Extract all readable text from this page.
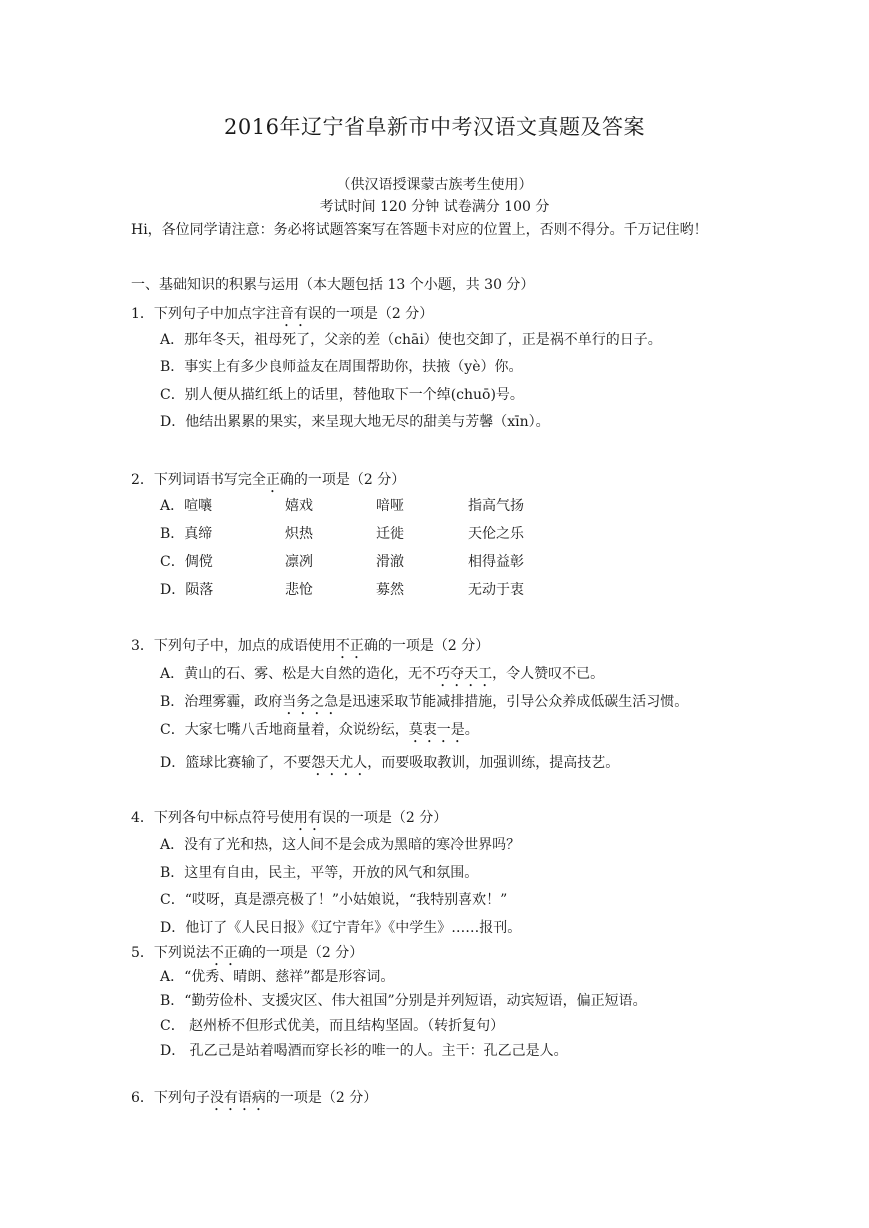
2016年辽宁省阜新市中考汉语文真题及答案
（供汉语授课蒙古族考生使用）
考试时间 120 分钟 试卷满分 100 分
Hi，各位同学请注意：务必将试题答案写在答题卡对应的位置上，否则不得分。千万记住哟！
一、基础知识的积累与运用（本大题包括 13 个小题，共 30 分）
1．下列句子中加点字注音有误的一项是（2 分）
A．那年冬天，祖母死了，父亲的差（chāi）使也交卸了，正是祸不单行的日子。
B．事实上有多少良师益友在周围帮助你，扶掖（yè）你。
C．别人便从描红纸上的话里，替他取下一个绰(chuō)号。
D．他结出累累的果实，来呈现大地无尽的甜美与芳馨（xīn）。
2．下列词语书写完全正确的一项是（2 分）
A．喧嚷	嬉戏	喑哑	指高气扬
B．真缔	炽热	迁徙	天伦之乐
C．倜傥	凛冽	滑澈	相得益彰
D．陨落	悲怆	募然	无动于衷
3．下列句子中，加点的成语使用不正确的一项是（2 分）
A．黄山的石、雾、松是大自然的造化，无不巧夺天工，令人赞叹不已。
B．治理雾霾，政府当务之急是迅速采取节能减排措施，引导公众养成低碳生活习惯。
C．大家七嘴八舌地商量着，众说纷纭，莫衷一是。
D．篮球比赛输了，不要怨天尤人，而要吸取教训，加强训练，提高技艺。
4．下列各句中标点符号使用有误的一项是（2 分）
A．没有了光和热，这人间不是会成为黑暗的寒冷世界吗？
B．这里有自由，民主，平等，开放的风气和氛围。
C．“哎呀，真是漂亮极了！”小姑娘说，“我特别喜欢！”
D．他订了《人民日报》《辽宁青年》《中学生》……报刊。
5．下列说法不正确的一项是（2 分）
A．“优秀、晴朗、慈祥”都是形容词。
B．“勤劳俭朴、支援灾区、伟大祖国”分别是并列短语，动宾短语，偏正短语。
C． 赵州桥不但形式优美，而且结构坚固。（转折复句）
D． 孔乙己是站着喝酒而穿长衫的唯一的人。主干：孔乙己是人。
6．下列句子没有语病的一项是（2 分）
